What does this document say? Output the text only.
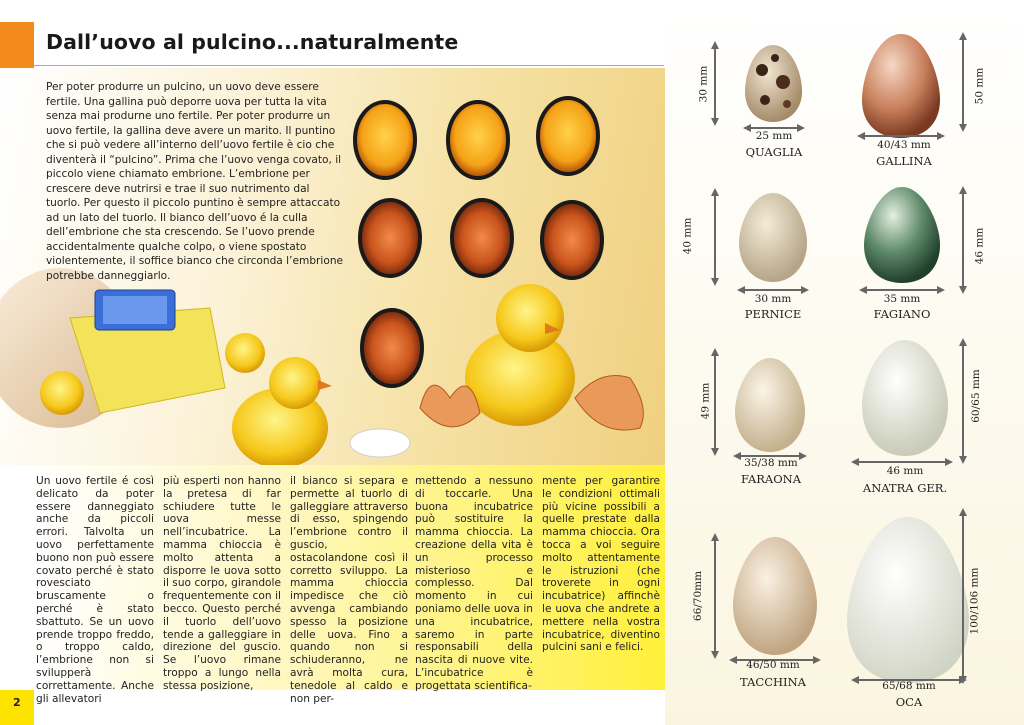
Dall’uovo al pulcino...naturalmente
Per poter produrre un pulcino, un uovo deve essere fertile. Una gallina può deporre uova per tutta la vita senza mai produrne uno fertile. Per poter produrre un uovo fertile, la gallina deve avere un marito. Il puntino che si può vedere all’interno dell’uovo fertile è cio che diventerà il “pulcino”. Prima che l’uovo venga covato, il piccolo viene chiamato embrione. L’embrione per crescere deve nutrirsi e trae il suo nutrimento dal tuorlo. Per questo il piccolo puntino è sempre attaccato ad un lato del tuorlo. Il bianco dell’uovo é la culla dell’embrione che sta crescendo. Se l’uovo prende accidentalmente qualche colpo, o viene spostato violentemente, il soffice bianco che circonda l’embrione potrebbe danneggiarlo.
Un uovo fertile é così delicato da poter essere danneggiato anche da piccoli errori. Talvolta un uovo perfettamente buono non può essere covato perché è stato rovesciato bruscamente o perché è stato sbattuto. Se un uovo prende troppo freddo, o troppo caldo, l’embrione non si svilupperà correttamente. Anche gli allevatori
più esperti non hanno la pretesa di far schiudere tutte le uova messe nell’incubatrice. La mamma chioccia è molto attenta a disporre le uova sotto il suo corpo, girandole frequentemente con il becco. Questo perché il tuorlo dell’uovo tende a galleggiare in direzione del guscio. Se l’uovo rimane troppo a lungo nella stessa posizione,
il bianco si separa e permette al tuorlo di galleggiare attraverso di esso, spingendo l’embrione contro il guscio, ostacolandone così il corretto sviluppo. La mamma chioccia impedisce che ciò avvenga cambiando spesso la posizione delle uova. Fino a quando non si schiuderanno, ne avrà molta cura, tenedole al caldo e non per-
mettendo a nessuno di toccarle. Una buona incubatrice può sostituire la mamma chioccia. La creazione della vita è un processo misterioso e complesso. Dal momento in cui poniamo delle uova in una incubatrice, saremo in parte responsabili della nascita di nuove vite. L’incubatrice è progettata scientifica-
mente per garantire le condizioni ottimali più vicine possibili a quelle prestate dalla mamma chioccia. Ora tocca a voi seguire molto attentamente le istruzioni (che troverete in ogni incubatrice) affinchè le uova che andrete a mettere nella vostra incubatrice, diventino pulcini sani e felici.
2
30 mm
25 mm
QUAGLIA
50 mm
40/43 mm
GALLINA
40 mm
30 mm
PERNICE
46 mm
35 mm
FAGIANO
49 mm
35/38 mm
FARAONA
60/65 mm
46 mm
ANATRA GER.
66/70mm
46/50 mm
TACCHINA
100/106 mm
65/68 mm
OCA
